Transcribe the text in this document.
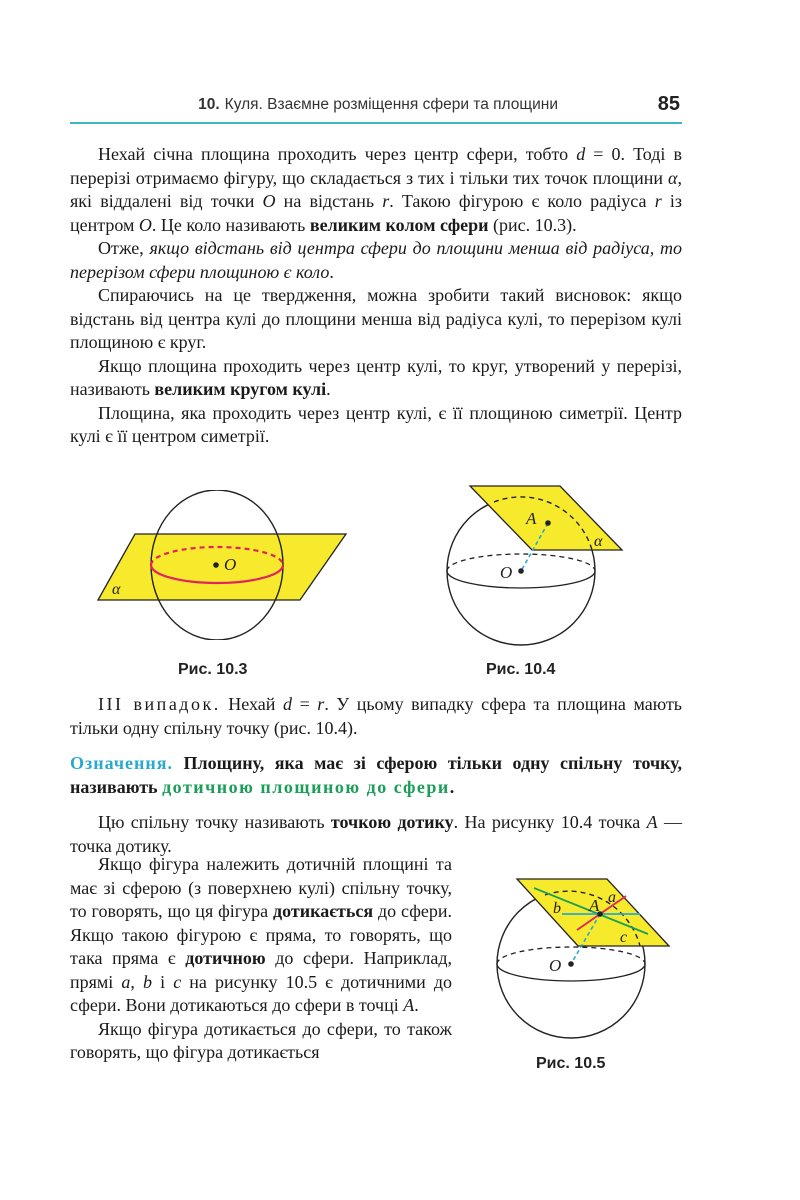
10. Куля. Взаємне розміщення сфери та площини	85
Нехай січна площина проходить через центр сфери, тобто d = 0. Тоді в перерізі отримаємо фігуру, що складається з тих і тільки тих точок площини α, які віддалені від точки O на відстань r. Такою фігурою є коло радіуса r із центром O. Це коло називають великим колом сфери (рис. 10.3).
Отже, якщо відстань від центра сфери до площини менша від радіуса, то перерізом сфери площиною є коло.
Спираючись на це твердження, можна зробити такий висновок: якщо відстань від центра кулі до площини менша від радіуса кулі, то перерізом кулі площиною є круг.
Якщо площина проходить через центр кулі, то круг, утворений у перерізі, називають великим кругом кулі.
Площина, яка проходить через центр кулі, є її площиною симетрії. Центр кулі є її центром симетрії.
O
α
Рис. 10.3
A
O
α
Рис. 10.4
III випадок. Нехай d = r. У цьому випадку сфера та площина мають тільки одну спільну точку (рис. 10.4).
Означення. Площину, яка має зі сферою тільки одну спільну точку, називають дотичною площиною до сфери.
Цю спільну точку називають точкою дотику. На рисунку 10.4 точка A — точка дотику.
Якщо фігура належить дотичній площині та має зі сферою (з поверхнею кулі) спільну точку, то говорять, що ця фігура дотикається до сфери. Якщо такою фігурою є пряма, то говорять, що така пряма є дотичною до сфери. Наприклад, прямі a, b і c на рисунку 10.5 є дотичними до сфери. Вони дотикаються до сфери в точці A.
Якщо фігура дотикається до сфери, то також говорять, що фігура дотикається
A a
b
c
O
Рис. 10.5
